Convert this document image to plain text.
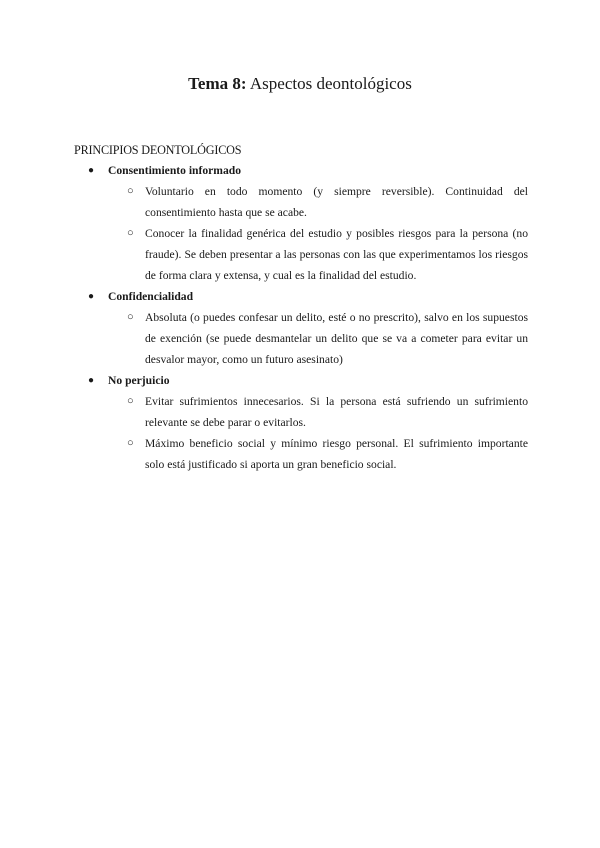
Tema 8: Aspectos deontológicos
PRINCIPIOS DEONTOLÓGICOS
● Consentimiento informado
○ Voluntario en todo momento (y siempre reversible). Continuidad del consentimiento hasta que se acabe.
○ Conocer la finalidad genérica del estudio y posibles riesgos para la persona (no fraude). Se deben presentar a las personas con las que experimentamos los riesgos de forma clara y extensa, y cual es la finalidad del estudio.
● Confidencialidad
○ Absoluta (o puedes confesar un delito, esté o no prescrito), salvo en los supuestos de exención (se puede desmantelar un delito que se va a cometer para evitar un desvalor mayor, como un futuro asesinato)
● No perjuicio
○ Evitar sufrimientos innecesarios. Si la persona está sufriendo un sufrimiento relevante se debe parar o evitarlos.
○ Máximo beneficio social y mínimo riesgo personal. El sufrimiento importante solo está justificado si aporta un gran beneficio social.
